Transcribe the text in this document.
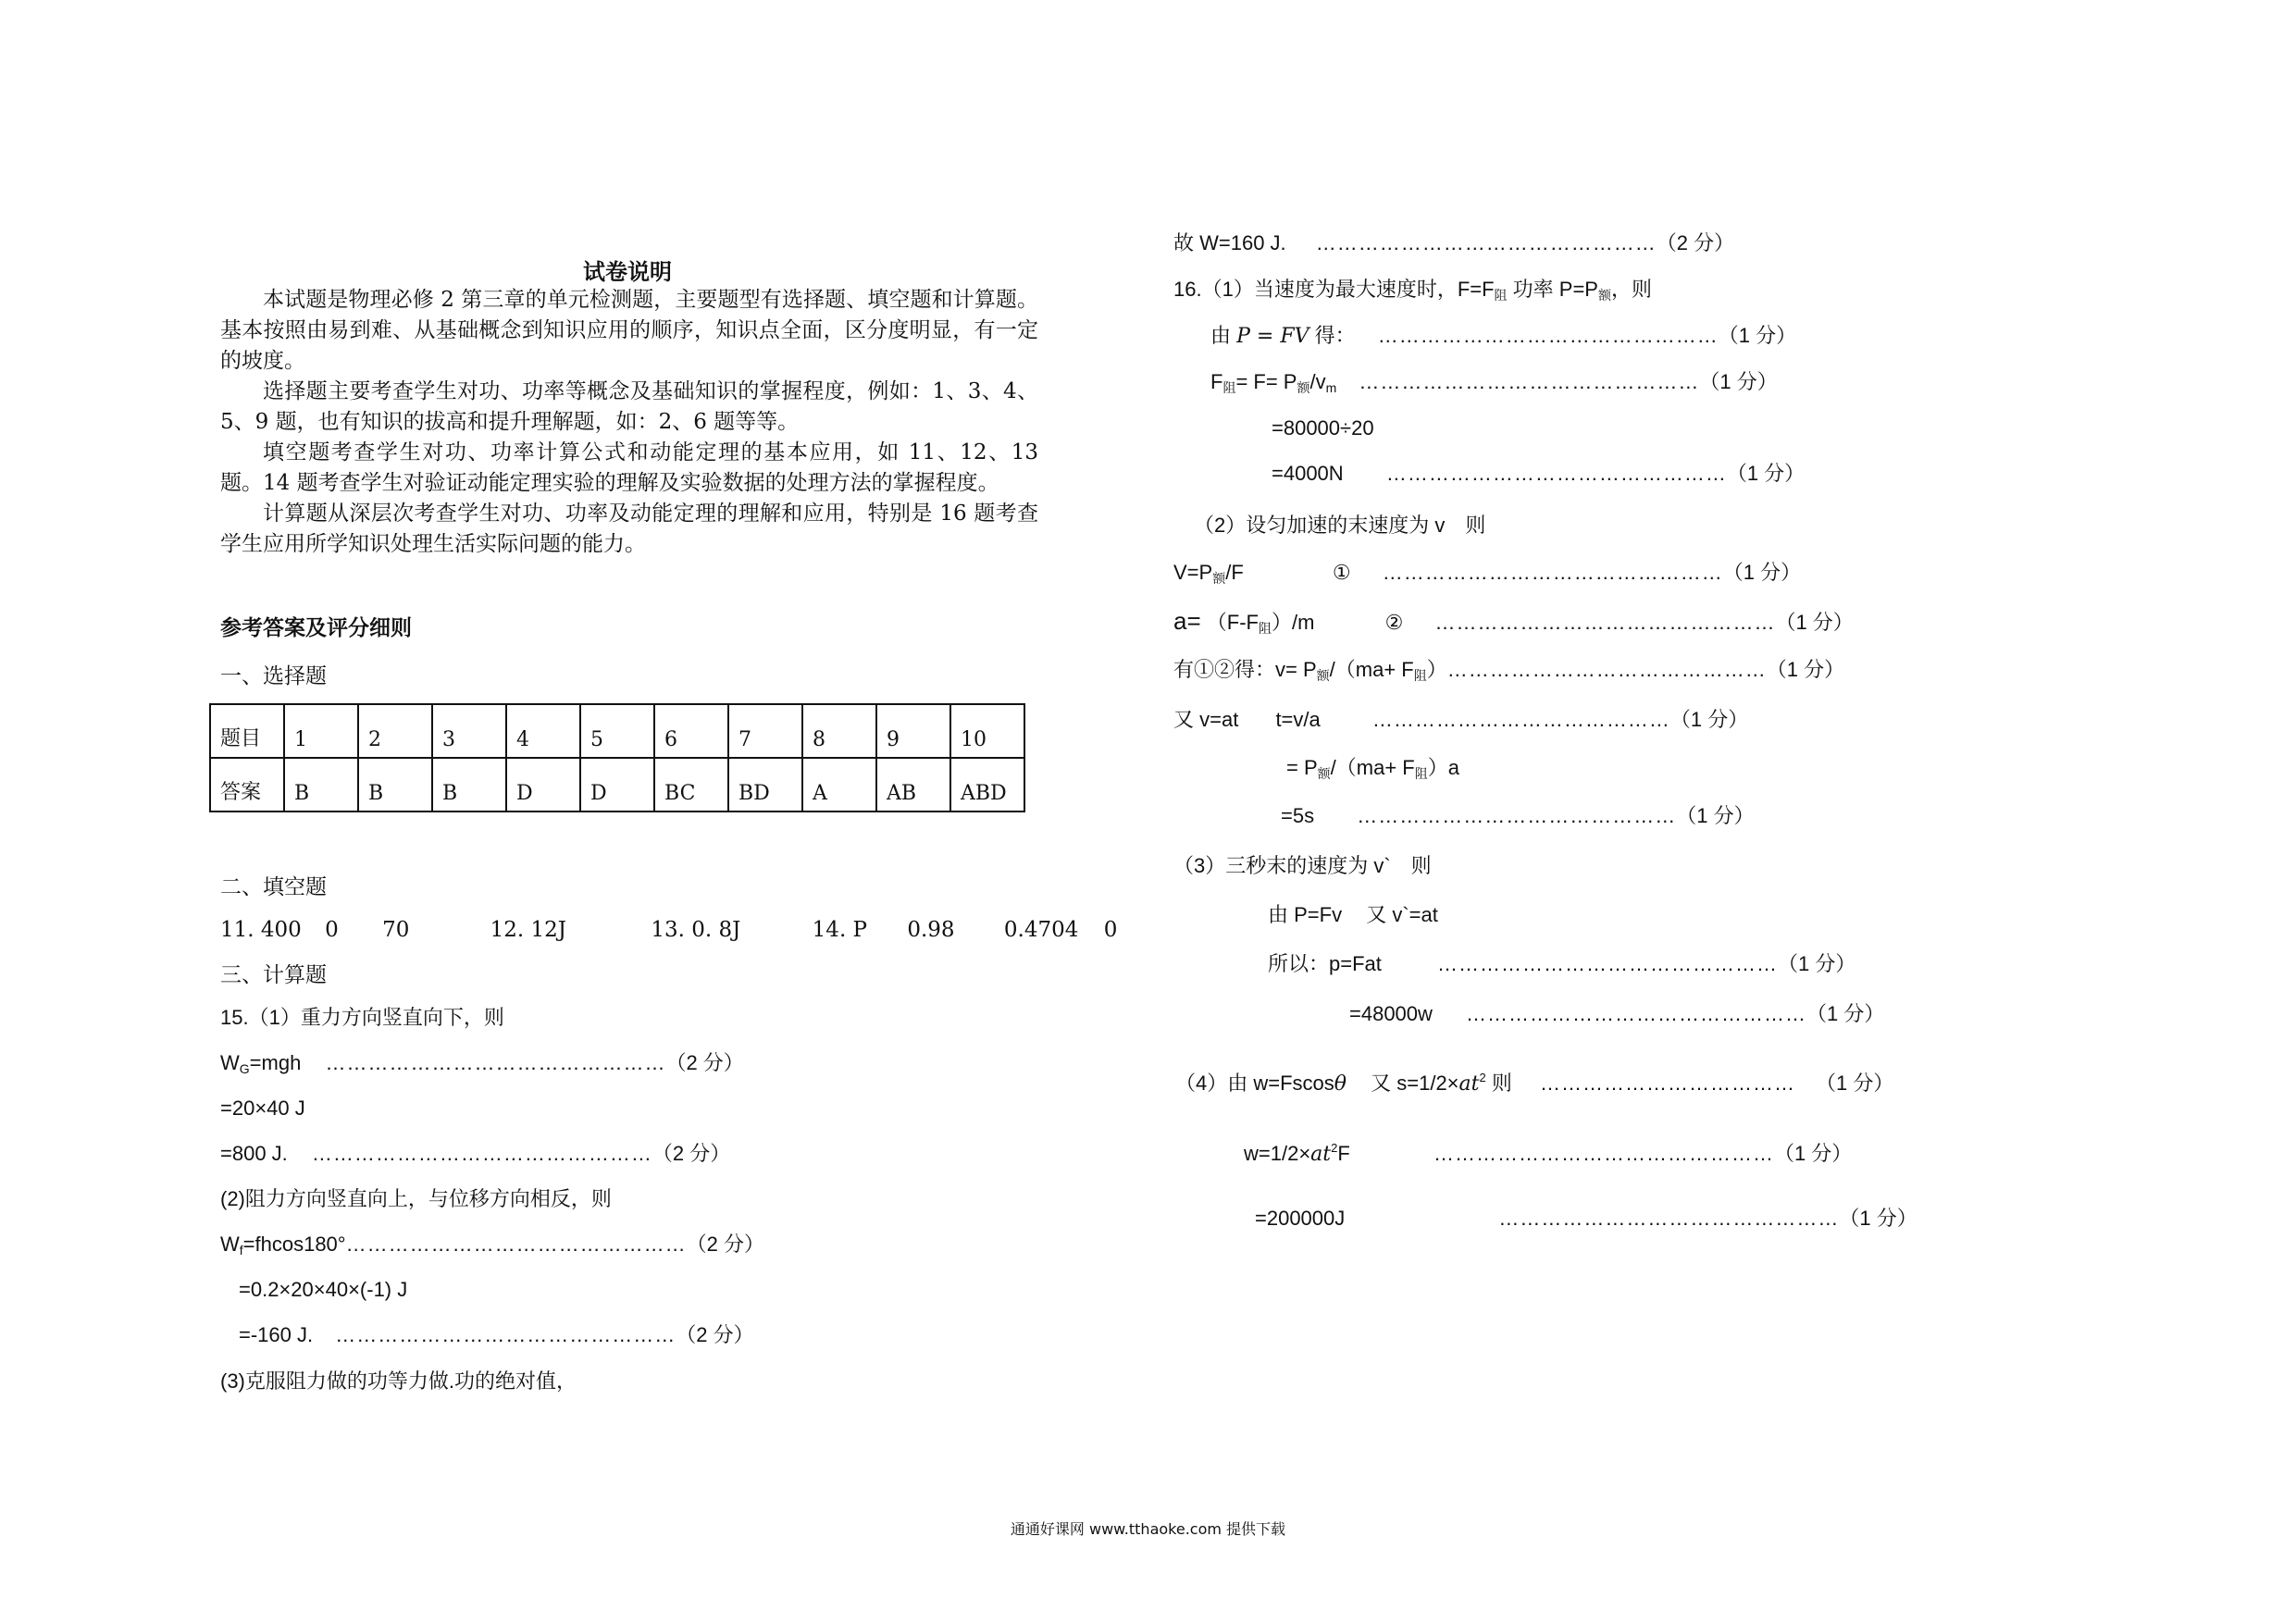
试卷说明

本试题是物理必修 2 第三章的单元检测题，主要题型有选择题、填空题和计算题。基本按照由易到难、从基础概念到知识应用的顺序，知识点全面，区分度明显，有一定的坡度。

选择题主要考查学生对功、功率等概念及基础知识的掌握程度，例如：1、3、4、5、9 题，也有知识的拔高和提升理解题，如：2、6 题等等。

填空题考查学生对功、功率计算公式和动能定理的基本应用，如 11、12、13 题。14 题考查学生对验证动能定理实验的理解及实验数据的处理方法的掌握程度。

计算题从深层次考查学生对功、功率及动能定理的理解和应用，特别是 16 题考查学生应用所学知识处理生活实际问题的能力。

参考答案及评分细则
一、选择题
题目	1	2	3	4	5	6	7	8	9	10
答案	B	B	B	D	D	BC	BD	A	AB	ABD
二、填空题
11. 400 0 70	12. 12J	13. 0. 8J	14. P 0.98 0.4704 0
三、计算题
15.（1）重力方向竖直向下，则
$W_G=mgh$ …………………………………………（2 分）
=20×40 J
=800 J. …………………………………………（2 分）
(2)阻力方向竖直向上，与位移方向相反，则
$W_f=fhcos180^\circ\dots\dots\dots\dots\dots\dots\dots\dots\dots\dots\dots\dots\dots\dots\dots\dots(2$ 分）
=0.2×20×40×(-1) J
=-160 J. …………………………………………（2 分）
(3)克服阻力做的功等力做.功的绝对值，
故 W=160 J. …………………………………………（2 分）
16.（1）当速度为最大速度时，$F=F_阻$ 功率 $P=P_额$，则
由 P = FV 得： …………………………………………（1 分）
$F_阻= F= P_额/v_m$ …………………………………………（1 分）
=80000÷20
=4000N …………………………………………（1 分）
（2）设匀加速的末速度为 v　则
$V=P_额/F$	① …………………………………………（1 分）
$a= (F-F_阻)/m$	② …………………………………………（1 分）
有①②得：$v= P_额/(ma+$ $F_阻)\dots\dots\dots\dots\dots\dots\dots\dots\dots\dots\dots\dots\dots\dots\dots(1$ 分）
又 v=at t=v/a	……………………………………（1 分）
= $P_额/(ma+ F_阻)a$
=5s ………………………………………（1 分）
（3）三秒末的速度为 v`　则
由 P=Fv 又 v`=at
所以：p=Fat	…………………………………………（1 分）
=48000w …………………………………………（1 分）
（4）由 w=Fscosθ 又 $s=1/2\times at^2$ 则 ……………………………… （1 分）
$w=1/2\times at^2F$	…………………………………………（1 分）
=200000J	…………………………………………（1 分）
通通好课网 www.tthaoke.com 提供下载
